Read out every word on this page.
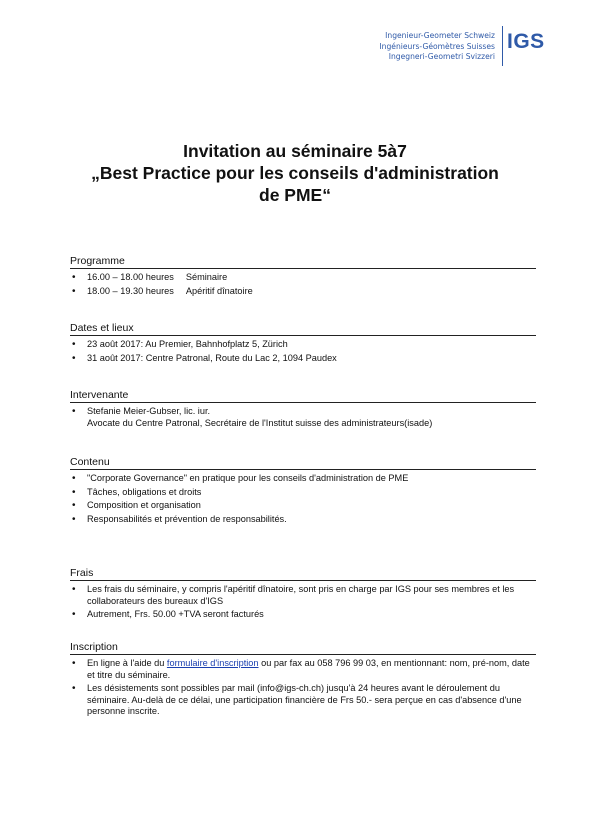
Ingenieur-Geometer Schweiz
Ingénieurs-Géomètres Suisses
Ingegneri-Geometri Svizzeri
IGS
Invitation au séminaire 5à7
„Best Practice pour les conseils d'administration
de PME“
Programme
• 16.00 – 18.00 heures Séminaire
• 18.00 – 19.30 heures Apéritif dînatoire
Dates et lieux
• 23 août 2017: Au Premier, Bahnhofplatz 5, Zürich
• 31 août 2017: Centre Patronal, Route du Lac 2, 1094 Paudex
Intervenante
• Stefanie Meier-Gubser, lic. iur.
Avocate du Centre Patronal, Secrétaire de l'Institut suisse des administrateurs(isade)
Contenu
• "Corporate Governance" en pratique pour les conseils d'administration de PME
• Tâches, obligations et droits
• Composition et organisation
• Responsabilités et prévention de responsabilités.
Frais
• Les frais du séminaire, y compris l'apéritif dînatoire, sont pris en charge par IGS pour ses membres et les collaborateurs des bureaux d'IGS
• Autrement, Frs. 50.00 +TVA seront facturés
Inscription
• En ligne à l'aide du formulaire d'inscription ou par fax au 058 796 99 03, en mentionnant: nom, pré-nom, date et titre du séminaire.
• Les désistements sont possibles par mail (info@igs-ch.ch) jusqu'à 24 heures avant le déroulement du séminaire. Au-delà de ce délai, une participation financière de Frs 50.- sera perçue en cas d'absence d'une personne inscrite.
